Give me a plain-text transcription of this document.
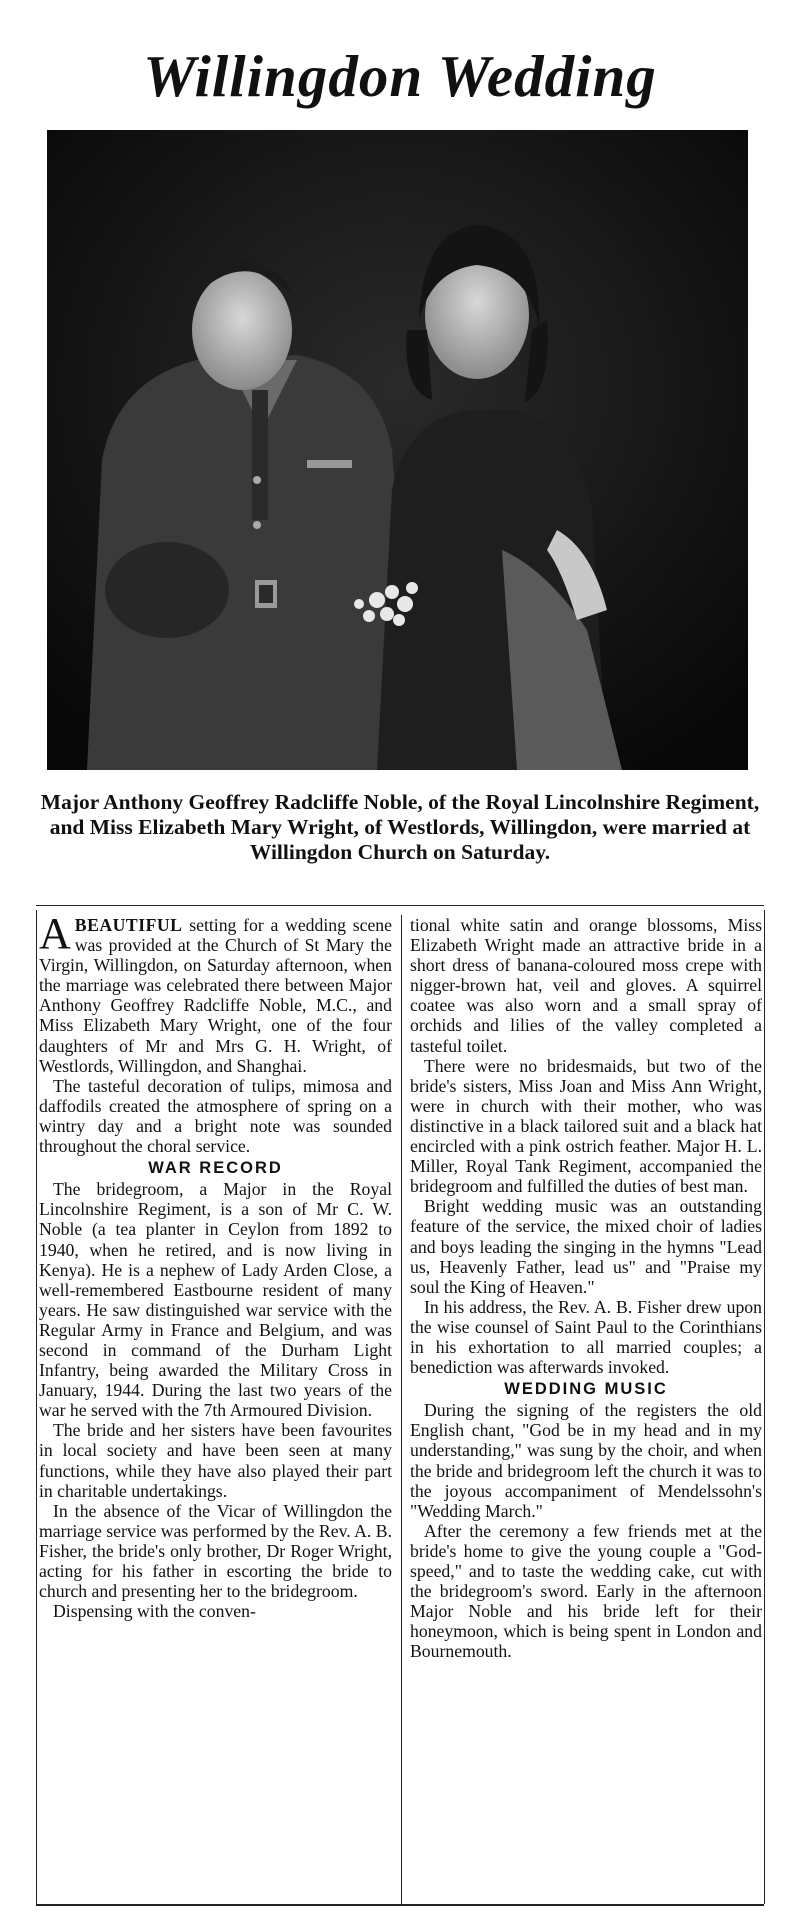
Willingdon Wedding
Major Anthony Geoffrey Radcliffe Noble, of the Royal Lincolnshire Regiment, and Miss Elizabeth Mary Wright, of Westlords, Willingdon, were married at Willingdon Church on Saturday.

ABEAUTIFUL setting for a wedding scene was provided at the Church of St Mary the Virgin, Willingdon, on Saturday afternoon, when the marriage was celebrated there between Major Anthony Geoffrey Radcliffe Noble, M.C., and Miss Elizabeth Mary Wright, one of the four daughters of Mr and Mrs G. H. Wright, of Westlords, Willingdon, and Shanghai.

The tasteful decoration of tulips, mimosa and daffodils created the atmosphere of spring on a wintry day and a bright note was sounded throughout the choral service.

WAR RECORD

The bridegroom, a Major in the Royal Lincolnshire Regiment, is a son of Mr C. W. Noble (a tea planter in Ceylon from 1892 to 1940, when he retired, and is now living in Kenya). He is a nephew of Lady Arden Close, a well-remembered Eastbourne resident of many years. He saw distinguished war service with the Regular Army in France and Belgium, and was second in command of the Durham Light Infantry, being awarded the Military Cross in January, 1944. During the last two years of the war he served with the 7th Armoured Division.

The bride and her sisters have been favourites in local society and have been seen at many functions, while they have also played their part in charitable undertakings.

In the absence of the Vicar of Willingdon the marriage service was performed by the Rev. A. B. Fisher, the bride's only brother, Dr Roger Wright, acting for his father in escorting the bride to church and presenting her to the bridegroom.

Dispensing with the conven-

tional white satin and orange blossoms, Miss Elizabeth Wright made an attractive bride in a short dress of banana-coloured moss crepe with nigger-brown hat, veil and gloves. A squirrel coatee was also worn and a small spray of orchids and lilies of the valley completed a tasteful toilet.

There were no bridesmaids, but two of the bride's sisters, Miss Joan and Miss Ann Wright, were in church with their mother, who was distinctive in a black tailored suit and a black hat encircled with a pink ostrich feather. Major H. L. Miller, Royal Tank Regiment, accompanied the bridegroom and fulfilled the duties of best man.

Bright wedding music was an outstanding feature of the service, the mixed choir of ladies and boys leading the singing in the hymns "Lead us, Heavenly Father, lead us" and "Praise my soul the King of Heaven."

In his address, the Rev. A. B. Fisher drew upon the wise counsel of Saint Paul to the Corinthians in his exhortation to all married couples; a benediction was afterwards invoked.

WEDDING MUSIC

During the signing of the registers the old English chant, "God be in my head and in my understanding," was sung by the choir, and when the bride and bridegroom left the church it was to the joyous accompaniment of Mendelssohn's "Wedding March."

After the ceremony a few friends met at the bride's home to give the young couple a "God-speed," and to taste the wedding cake, cut with the bridegroom's sword. Early in the afternoon Major Noble and his bride left for their honeymoon, which is being spent in London and Bournemouth.
